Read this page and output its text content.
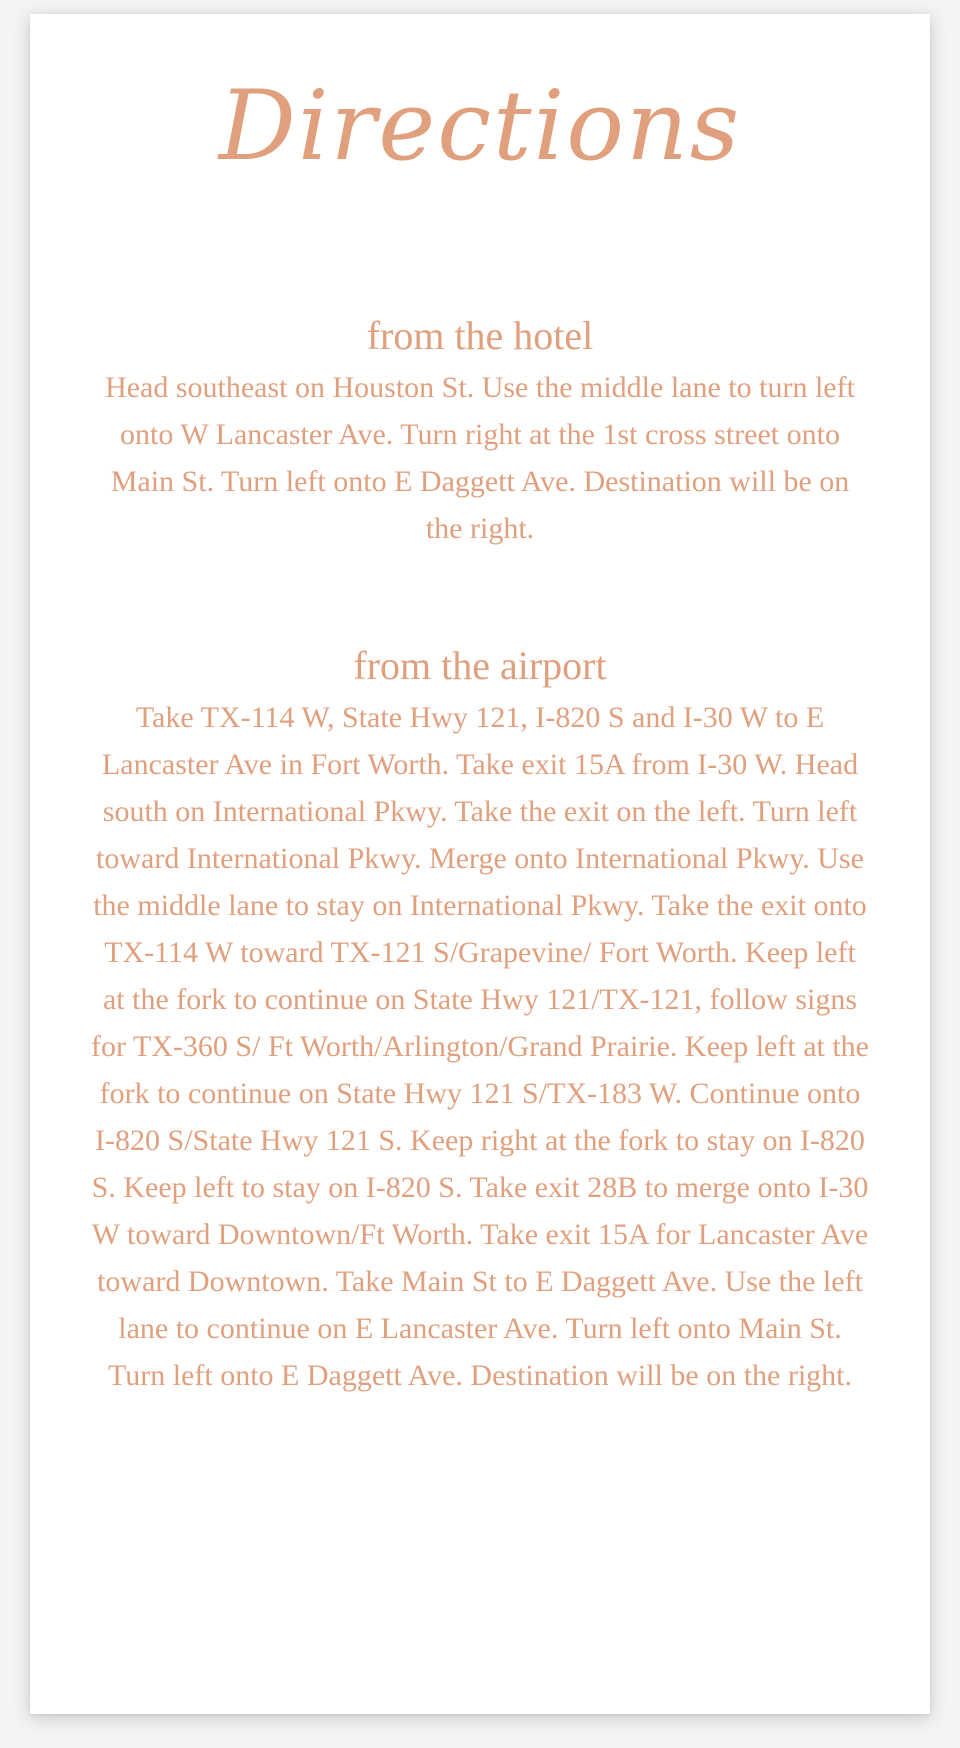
Directions
from the hotel

Head southeast on Houston St. Use the middle lane to turn left onto W Lancaster Ave. Turn right at the 1st cross street onto Main St. Turn left onto E Daggett Ave. Destination will be on the right.

from the airport

Take TX-114 W, State Hwy 121, I-820 S and I-30 W to E Lancaster Ave in Fort Worth. Take exit 15A from I-30 W. Head south on International Pkwy. Take the exit on the left. Turn left toward International Pkwy. Merge onto International Pkwy. Use the middle lane to stay on International Pkwy. Take the exit onto TX-114 W toward TX-121 S/Grapevine/ Fort Worth. Keep left at the fork to continue on State Hwy 121/TX-121, follow signs for TX-360 S/ Ft Worth/Arlington/Grand Prairie. Keep left at the fork to continue on State Hwy 121 S/TX-183 W. Continue onto I-820 S/State Hwy 121 S. Keep right at the fork to stay on I-820 S. Keep left to stay on I-820 S. Take exit 28B to merge onto I-30 W toward Downtown/Ft Worth. Take exit 15A for Lancaster Ave toward Downtown. Take Main St to E Daggett Ave. Use the left lane to continue on E Lancaster Ave. Turn left onto Main St. Turn left onto E Daggett Ave. Destination will be on the right.
